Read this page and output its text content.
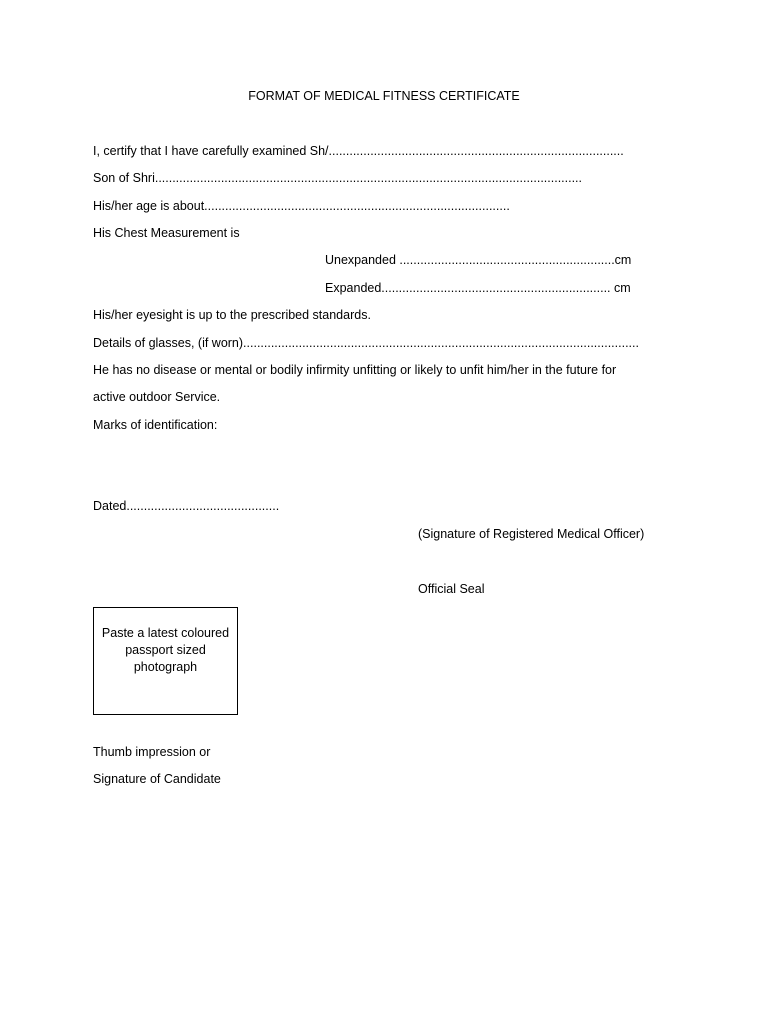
FORMAT OF MEDICAL FITNESS CERTIFICATE
I, certify that I have carefully examined Sh/.....................................................................................
Son of Shri...........................................................................................................................
His/her age is about........................................................................................
His Chest Measurement is
Unexpanded ..............................................................cm
Expanded.................................................................. cm
His/her eyesight is up to the prescribed standards.
Details of glasses, (if worn)..................................................................................................................
He has no disease or mental or bodily infirmity unfitting or likely to unfit him/her in the future for
active outdoor Service.
Marks of identification:
Dated............................................
(Signature of Registered Medical Officer)
Official Seal
Paste a latest coloured passport sized photograph
Thumb impression or
Signature of Candidate
